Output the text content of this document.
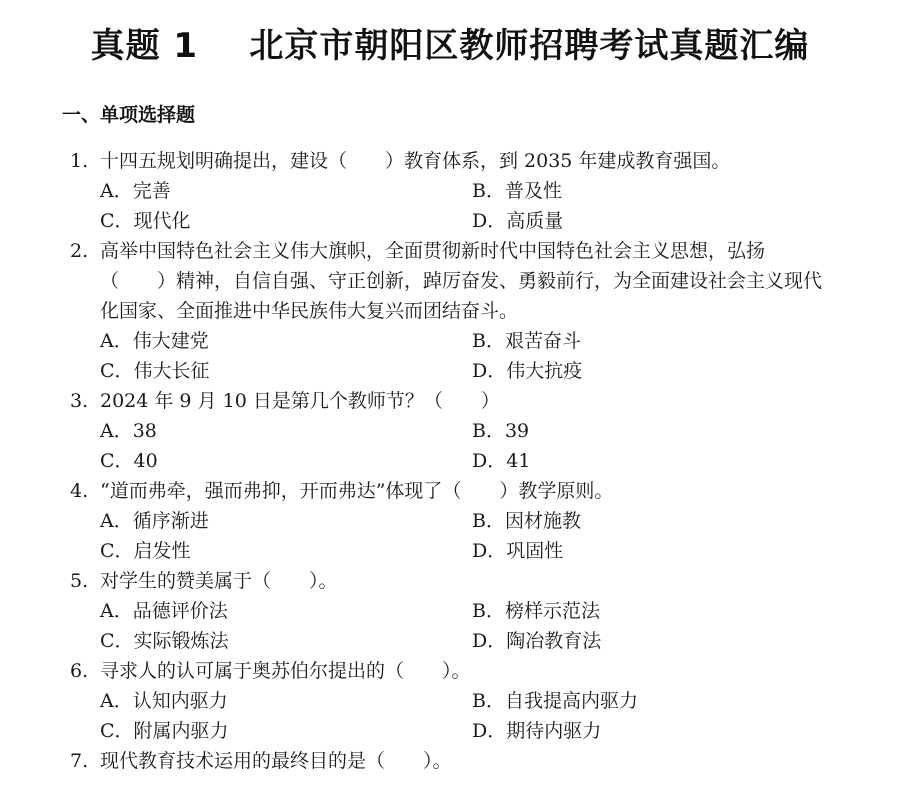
真题 1    北京市朝阳区教师招聘考试真题汇编
一、单项选择题
1. 十四五规划明确提出，建设（　　）教育体系，到 2035 年建成教育强国。
A．完善	B．普及性
C．现代化	D．高质量
2. 高举中国特色社会主义伟大旗帜，全面贯彻新时代中国特色社会主义思想，弘扬
（　　）精神，自信自强、守正创新，踔厉奋发、勇毅前行，为全面建设社会主义现代
化国家、全面推进中华民族伟大复兴而团结奋斗。
A．伟大建党	B．艰苦奋斗
C．伟大长征	D．伟大抗疫
3. 2024 年 9 月 10 日是第几个教师节？（　　）
A．38	B．39
C．40	D．41
4. “道而弗牵，强而弗抑，开而弗达”体现了（　　）教学原则。
A．循序渐进	B．因材施教
C．启发性	D．巩固性
5. 对学生的赞美属于（　　）。
A．品德评价法	B．榜样示范法
C．实际锻炼法	D．陶冶教育法
6. 寻求人的认可属于奥苏伯尔提出的（　　）。
A．认知内驱力	B．自我提高内驱力
C．附属内驱力	D．期待内驱力
7. 现代教育技术运用的最终目的是（　　）。
